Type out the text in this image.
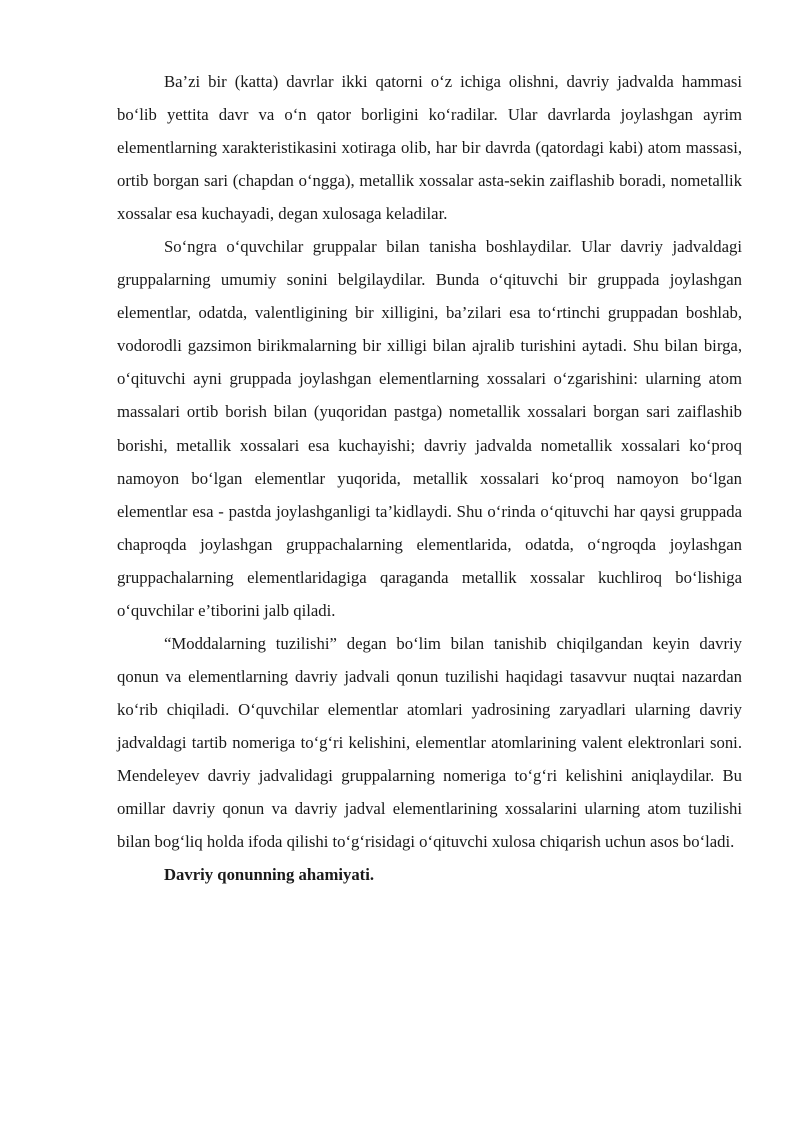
Ba’zi bir (katta) davrlar ikki qatorni o‘z ichiga olishni, davriy jadvalda hammasi bo‘lib yettita davr va o‘n qator borligini ko‘radilar. Ular davrlarda joylashgan ayrim elementlarning xarakteristikasini xotiraga olib, har bir davrda (qatordagi kabi) atom massasi, ortib borgan sari (chapdan o‘ngga), metallik xossalar asta-sekin zaiflashib boradi, nometallik xossalar esa kuchayadi, degan xulosaga keladilar.

So‘ngra o‘quvchilar gruppalar bilan tanisha boshlaydilar. Ular davriy jadvaldagi gruppalarning umumiy sonini belgilaydilar. Bunda o‘qituvchi bir gruppada joylashgan elementlar, odatda, valentligining bir xilligini, ba’zilari esa to‘rtinchi gruppadan boshlab, vodorodli gazsimon birikmalarning bir xilligi bilan ajralib turishini aytadi. Shu bilan birga, o‘qituvchi ayni gruppada joylashgan elementlarning xossalari o‘zgarishini: ularning atom massalari ortib borish bilan (yuqoridan pastga) nometallik xossalari borgan sari zaiflashib borishi, metallik xossalari esa kuchayishi; davriy jadvalda nometallik xossalari ko‘proq namoyon bo‘lgan elementlar yuqorida, metallik xossalari ko‘proq namoyon bo‘lgan elementlar esa - pastda joylashganligi ta’kidlaydi. Shu o‘rinda o‘qituvchi har qaysi gruppada chaproqda joylashgan gruppachalarning elementlarida, odatda, o‘ngroqda joylashgan gruppachalarning elementlaridagiga qaraganda metallik xossalar kuchliroq bo‘lishiga o‘quvchilar e’tiborini jalb qiladi.

“Moddalarning tuzilishi” degan bo‘lim bilan tanishib chiqilgandan keyin davriy qonun va elementlarning davriy jadvali qonun tuzilishi haqidagi tasavvur nuqtai nazardan ko‘rib chiqiladi. O‘quvchilar elementlar atomlari yadrosining zaryadlari ularning davriy jadvaldagi tartib nomeriga to‘g‘ri kelishini, elementlar atomlarining valent elektronlari soni. Mendeleyev davriy jadvalidagi gruppalarning nomeriga to‘g‘ri kelishini aniqlaydilar. Bu omillar davriy qonun va davriy jadval elementlarining xossalarini ularning atom tuzilishi bilan bog‘liq holda ifoda qilishi to‘g‘risidagi o‘qituvchi xulosa chiqarish uchun asos bo‘ladi.

Davriy qonunning ahamiyati.
